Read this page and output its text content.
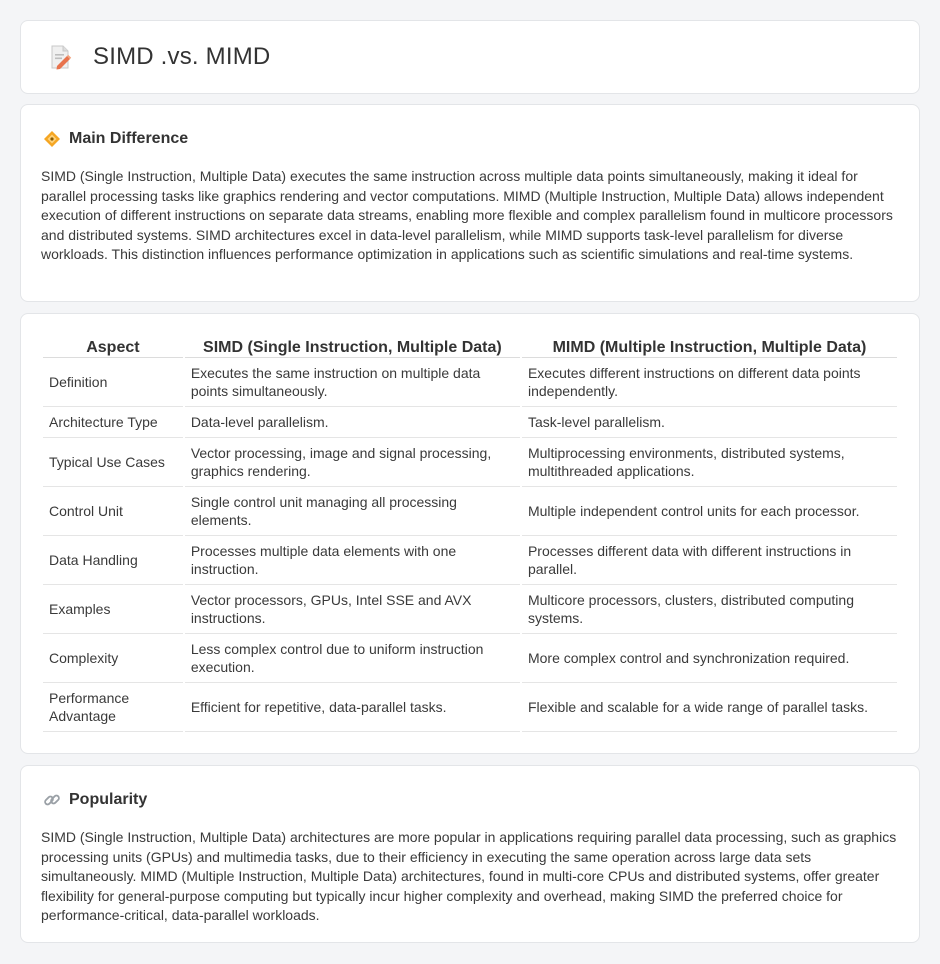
SIMD .vs. MIMD
Main Difference

SIMD (Single Instruction, Multiple Data) executes the same instruction across multiple data points simultaneously, making it ideal for parallel processing tasks like graphics rendering and vector computations. MIMD (Multiple Instruction, Multiple Data) allows independent execution of different instructions on separate data streams, enabling more flexible and complex parallelism found in multicore processors and distributed systems. SIMD architectures excel in data-level parallelism, while MIMD supports task-level parallelism for diverse workloads. This distinction influences performance optimization in applications such as scientific simulations and real-time systems.

Aspect	SIMD (Single Instruction, Multiple Data)	MIMD (Multiple Instruction, Multiple Data)
Definition	Executes the same instruction on multiple data points simultaneously.	Executes different instructions on different data points independently.
Architecture Type	Data-level parallelism.	Task-level parallelism.
Typical Use Cases	Vector processing, image and signal processing, graphics rendering.	Multiprocessing environments, distributed systems, multithreaded applications.
Control Unit	Single control unit managing all processing elements.	Multiple independent control units for each processor.
Data Handling	Processes multiple data elements with one instruction.	Processes different data with different instructions in parallel.
Examples	Vector processors, GPUs, Intel SSE and AVX instructions.	Multicore processors, clusters, distributed computing systems.
Complexity	Less complex control due to uniform instruction execution.	More complex control and synchronization required.
Performance Advantage	Efficient for repetitive, data-parallel tasks.	Flexible and scalable for a wide range of parallel tasks.
Popularity

SIMD (Single Instruction, Multiple Data) architectures are more popular in applications requiring parallel data processing, such as graphics processing units (GPUs) and multimedia tasks, due to their efficiency in executing the same operation across large data sets simultaneously. MIMD (Multiple Instruction, Multiple Data) architectures, found in multi-core CPUs and distributed systems, offer greater flexibility for general-purpose computing but typically incur higher complexity and overhead, making SIMD the preferred choice for performance-critical, data-parallel workloads.
